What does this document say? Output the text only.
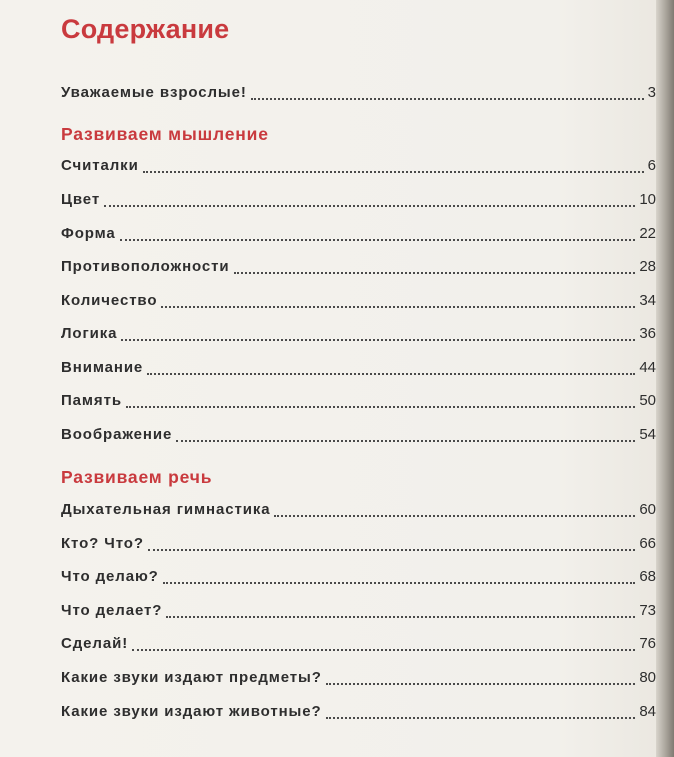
Содержание
Уважаемые взрослые!	3
Развиваем мышление
Считалки	6
Цвет	10
Форма	22
Противоположности	28
Количество	34
Логика	36
Внимание	44
Память	50
Воображение	54
Развиваем речь
Дыхательная гимнастика	60
Кто? Что?	66
Что делаю?	68
Что делает?	73
Сделай!	76
Какие звуки издают предметы?	80
Какие звуки издают животные?	84
